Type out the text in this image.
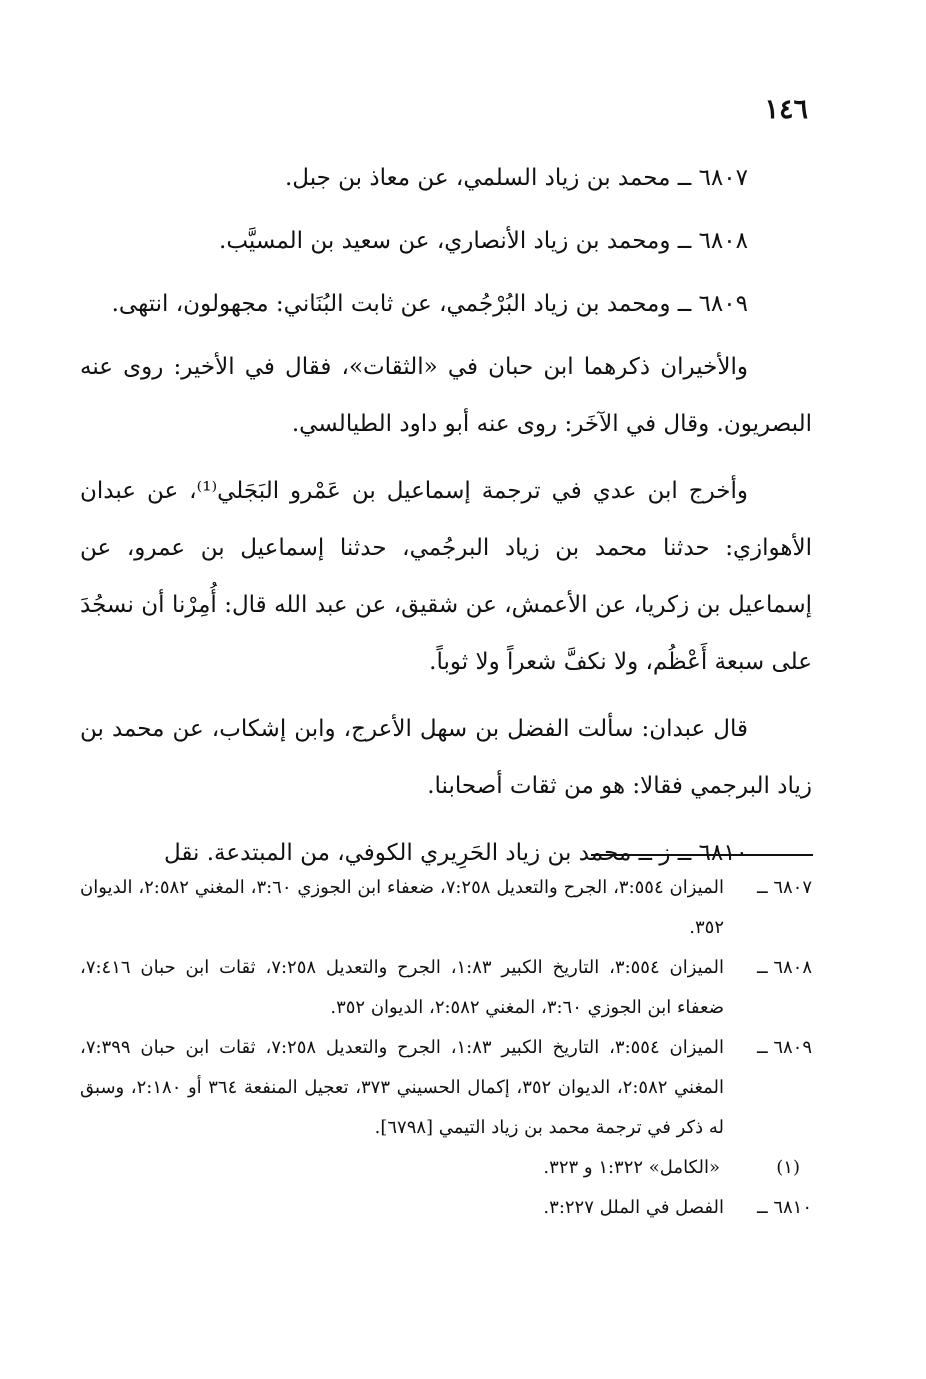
١٤٦

٦٨٠٧ ــ محمد بن زياد السلمي، عن معاذ بن جبل.

٦٨٠٨ ــ ومحمد بن زياد الأنصاري، عن سعيد بن المسيَّب.

٦٨٠٩ ــ ومحمد بن زياد البُرْجُمي، عن ثابت البُنَاني: مجهولون، انتهى.

والأخيران ذكرهما ابن حبان في «الثقات»، فقال في الأخير: روى عنه البصريون. وقال في الآخَر: روى عنه أبو داود الطيالسي.

وأخرج ابن عدي في ترجمة إسماعيل بن عَمْرو البَجَلي⁽¹⁾، عن عبدان الأهوازي: حدثنا محمد بن زياد البرجُمي، حدثنا إسماعيل بن عمرو، عن إسماعيل بن زكريا، عن الأعمش، عن شقيق، عن عبد الله قال: أُمِرْنا أن نسجُدَ على سبعة أَعْظُم، ولا نكفَّ شعراً ولا ثوباً.

قال عبدان: سألت الفضل بن سهل الأعرج، وابن إشكاب، عن محمد بن زياد البرجمي فقالا: هو من ثقات أصحابنا.

٦٨١٠ ــ ز ــ محمد بن زياد الحَرِيري الكوفي، من المبتدعة. نقل

٦٨٠٧ ــ
الميزان ٣:٥٥٤، الجرح والتعديل ٧:٢٥٨، ضعفاء ابن الجوزي ٣:٦٠، المغني ٢:٥٨٢، الديوان ٣٥٢.
٦٨٠٨ ــ
الميزان ٣:٥٥٤، التاريخ الكبير ١:٨٣، الجرح والتعديل ٧:٢٥٨، ثقات ابن حبان ٧:٤١٦، ضعفاء ابن الجوزي ٣:٦٠، المغني ٢:٥٨٢، الديوان ٣٥٢.
٦٨٠٩ ــ
الميزان ٣:٥٥٤، التاريخ الكبير ١:٨٣، الجرح والتعديل ٧:٢٥٨، ثقات ابن حبان ٧:٣٩٩، المغني ٢:٥٨٢، الديوان ٣٥٢، إكمال الحسيني ٣٧٣، تعجيل المنفعة ٣٦٤ أو ٢:١٨٠، وسبق له ذكر في ترجمة محمد بن زياد التيمي [٦٧٩٨].
(١)
«الكامل» ١:٣٢٢ و ٣٢٣.
٦٨١٠ ــ
الفصل في الملل ٣:٢٢٧.
